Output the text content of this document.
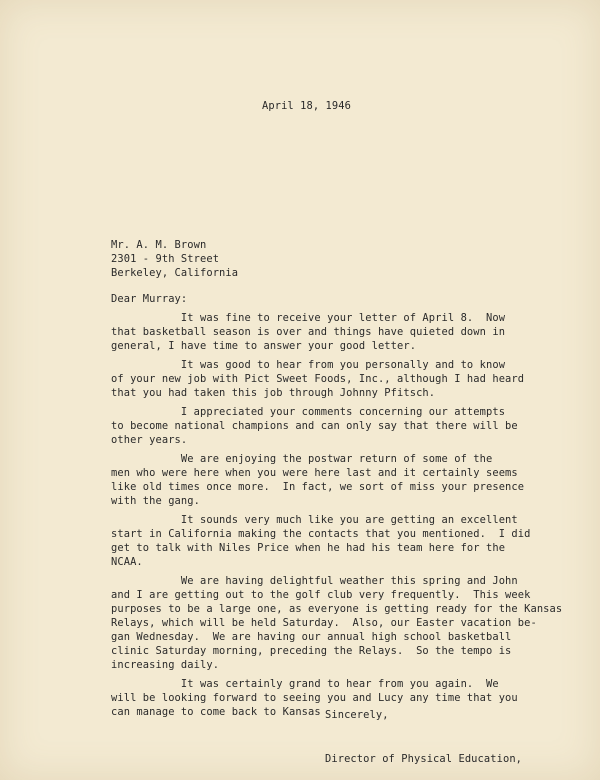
April 18, 1946
Mr. A. M. Brown
2301 - 9th Street
Berkeley, California
Dear Murray:
It was fine to receive your letter of April 8.  Now
that basketball season is over and things have quieted down in
general, I have time to answer your good letter.
It was good to hear from you personally and to know
of your new job with Pict Sweet Foods, Inc., although I had heard
that you had taken this job through Johnny Pfitsch.
I appreciated your comments concerning our attempts
to become national champions and can only say that there will be
other years.
We are enjoying the postwar return of some of the
men who were here when you were here last and it certainly seems
like old times once more.  In fact, we sort of miss your presence
with the gang.
It sounds very much like you are getting an excellent
start in California making the contacts that you mentioned.  I did
get to talk with Niles Price when he had his team here for the
NCAA.
We are having delightful weather this spring and John
and I are getting out to the golf club very frequently.  This week
purposes to be a large one, as everyone is getting ready for the Kansas
Relays, which will be held Saturday.  Also, our Easter vacation be-
gan Wednesday.  We are having our annual high school basketball
clinic Saturday morning, preceding the Relays.  So the tempo is
increasing daily.
It was certainly grand to hear from you again.  We
will be looking forward to seeing you and Lucy any time that you
can manage to come back to Kansas Sincerely,
Director of Physical Education,
